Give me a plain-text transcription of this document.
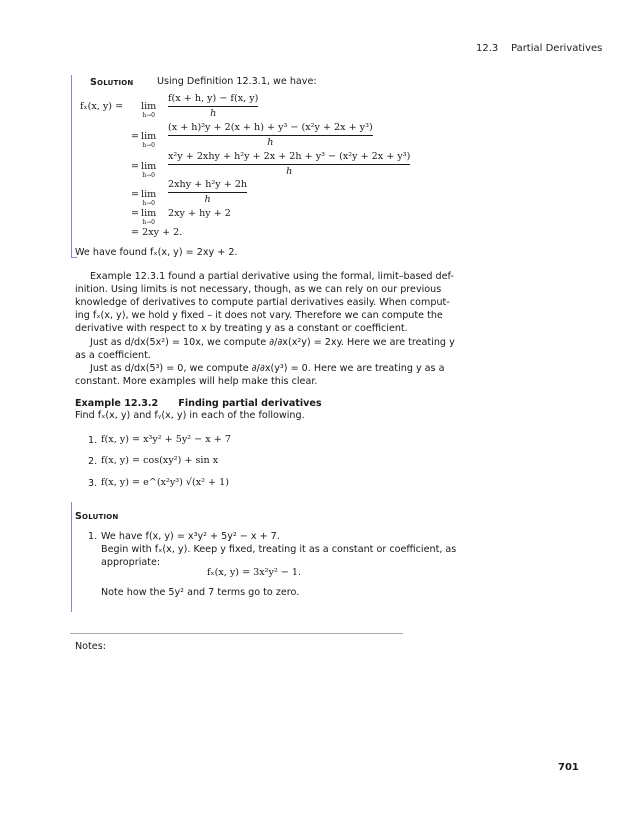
12.3 Partial Derivatives
Solution Using Definition 12.3.1, we have:
fₓ(x, y) = lim
h→0
f(x + h, y) − f(x, y)
h
= lim
h→0
(x + h)²y + 2(x + h) + y³ − (x²y + 2x + y³)
h
= lim
h→0
x²y + 2xhy + h²y + 2x + 2h + y³ − (x²y + 2x + y³)
h
= lim
h→0
2xhy + h²y + 2h
h
= lim
h→0
2xy + hy + 2
= 2xy + 2.
We have found fₓ(x, y) = 2xy + 2.
Example 12.3.1 found a partial derivative using the formal, limit–based def-
inition. Using limits is not necessary, though, as we can rely on our previous
knowledge of derivatives to compute partial derivatives easily. When comput-
ing fₓ(x, y), we hold y fixed – it does not vary. Therefore we can compute the
derivative with respect to x by treating y as a constant or coefficient.
Just as d/dx(5x²) = 10x, we compute ∂/∂x(x²y) = 2xy. Here we are treating y
as a coefficient.
Just as d/dx(5³) = 0, we compute ∂/∂x(y³) = 0. Here we are treating y as a
constant. More examples will help make this clear.
Example 12.3.2 Finding partial derivatives
Find fₓ(x, y) and fᵧ(x, y) in each of the following.
1. f(x, y) = x³y² + 5y² − x + 7
2. f(x, y) = cos(xy²) + sin x
3. f(x, y) = e^(x²y³) √(x² + 1)
Solution
1. We have f(x, y) = x³y² + 5y² − x + 7.
Begin with fₓ(x, y). Keep y fixed, treating it as a constant or coefficient, as
appropriate:
fₓ(x, y) = 3x²y² − 1.
Note how the 5y² and 7 terms go to zero.
Notes:
701
